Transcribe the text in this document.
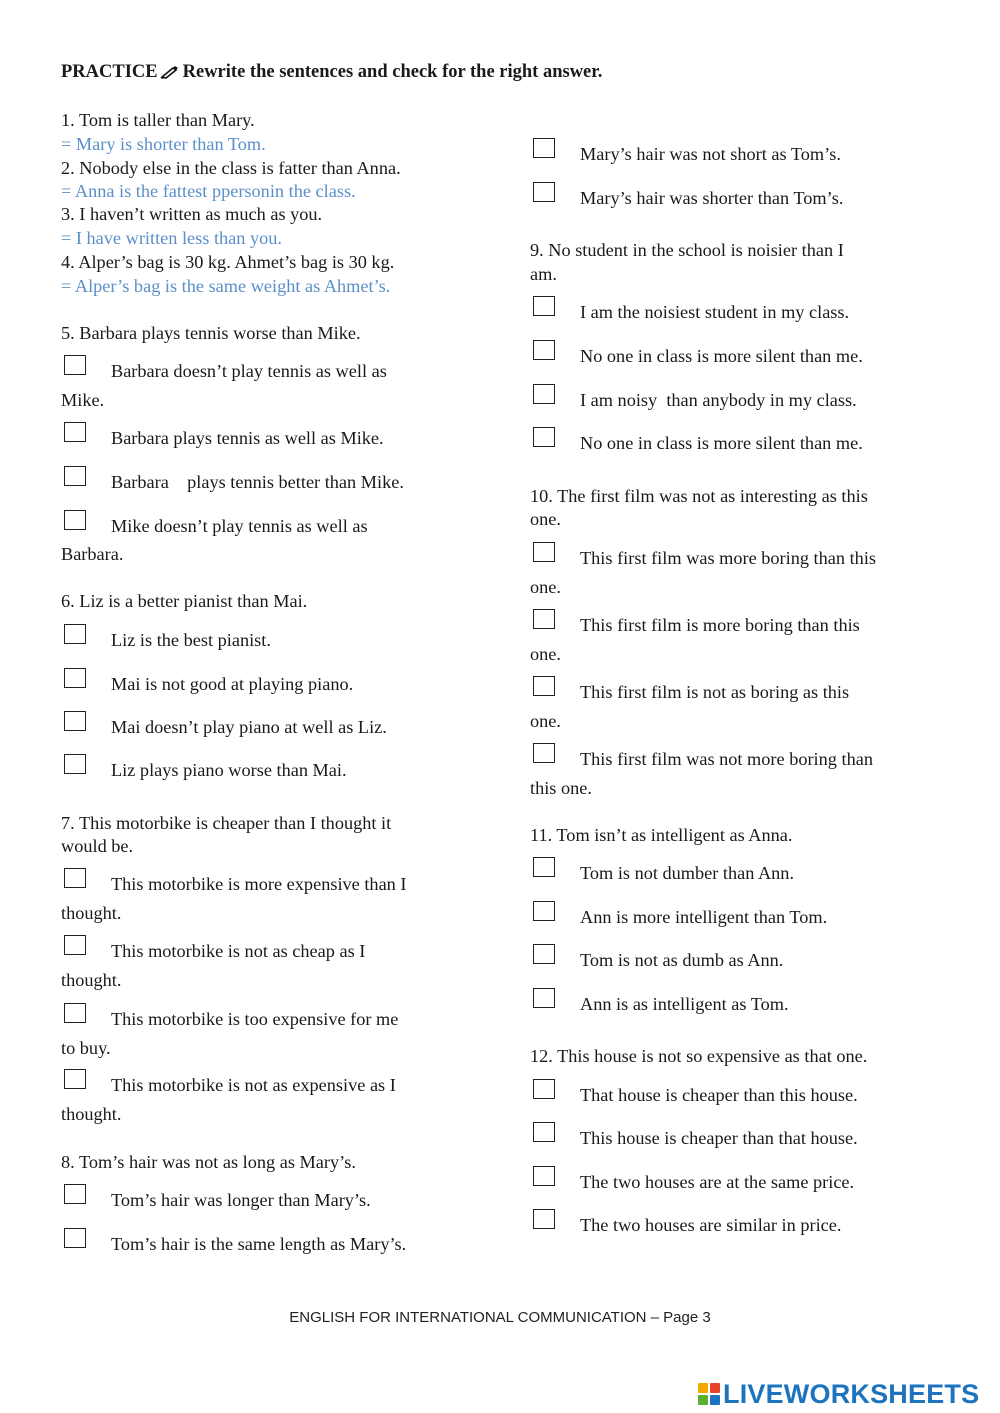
PRACTICE Rewrite the sentences and check for the right answer.
1. Tom is taller than Mary.
= Mary is shorter than Tom.
2. Nobody else in the class is fatter than Anna.
= Anna is the fattest ppersonin the class.
3. I haven’t written as much as you.
= I have written less than you.
4. Alper’s bag is 30 kg. Ahmet’s bag is 30 kg.
= Alper’s bag is the same weight as Ahmet’s.
5. Barbara plays tennis worse than Mike.
Barbara doesn’t play tennis as well as
Mike.
Barbara plays tennis as well as Mike.
Barbara    plays tennis better than Mike.
Mike doesn’t play tennis as well as
Barbara.
6. Liz is a better pianist than Mai.
Liz is the best pianist.
Mai is not good at playing piano.
Mai doesn’t play piano at well as Liz.
Liz plays piano worse than Mai.
7. This motorbike is cheaper than I thought it
would be.
This motorbike is more expensive than I
thought.
This motorbike is not as cheap as I
thought.
This motorbike is too expensive for me
to buy.
This motorbike is not as expensive as I
thought.
8. Tom’s hair was not as long as Mary’s.
Tom’s hair was longer than Mary’s.
Tom’s hair is the same length as Mary’s.
Mary’s hair was not short as Tom’s.
Mary’s hair was shorter than Tom’s.
9. No student in the school is noisier than I
am.
I am the noisiest student in my class.
No one in class is more silent than me.
I am noisy  than anybody in my class.
No one in class is more silent than me.
10. The first film was not as interesting as this
one.
This first film was more boring than this
one.
This first film is more boring than this
one.
This first film is not as boring as this
one.
This first film was not more boring than
this one.
11. Tom isn’t as intelligent as Anna.
Tom is not dumber than Ann.
Ann is more intelligent than Tom.
Tom is not as dumb as Ann.
Ann is as intelligent as Tom.
12. This house is not so expensive as that one.
That house is cheaper than this house.
This house is cheaper than that house.
The two houses are at the same price.
The two houses are similar in price.
ENGLISH FOR INTERNATIONAL COMMUNICATION – Page 3
LIVEWORKSHEETS
